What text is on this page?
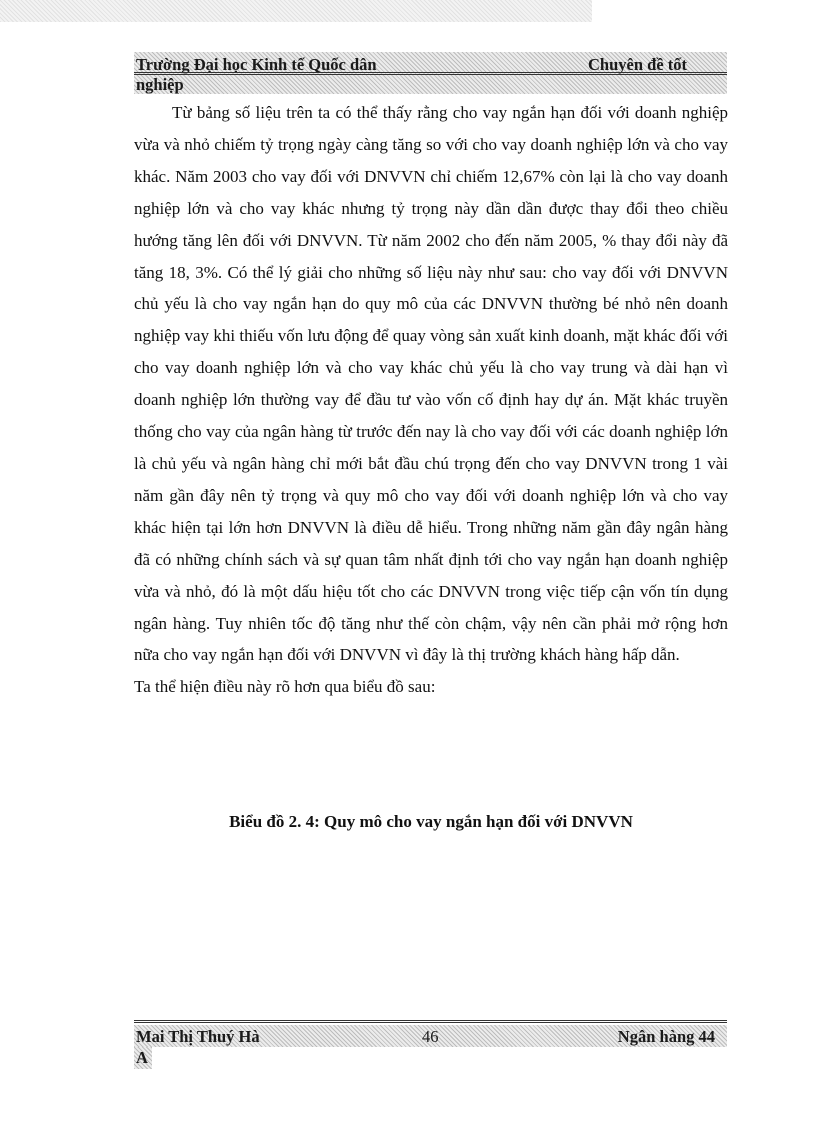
Trường Đại học Kinh tế Quốc dân	Chuyên đề tốt
nghiệp

Từ bảng số liệu trên ta có thể thấy rằng cho vay ngắn hạn đối với doanh nghiệp vừa và nhỏ chiếm tỷ trọng ngày càng tăng so với cho vay doanh nghiệp lớn và cho vay khác. Năm 2003 cho vay đối với DNVVN chỉ chiếm 12,67% còn lại là cho vay doanh nghiệp lớn và cho vay khác nhưng tỷ trọng này dần dần được thay đổi theo chiều hướng tăng lên đối với DNVVN. Từ năm 2002 cho đến năm 2005, % thay đổi này đã tăng 18, 3%. Có thể lý giải cho những số liệu này như sau: cho vay đối với DNVVN chủ yếu là cho vay ngắn hạn do quy mô của các DNVVN thường bé nhỏ nên doanh nghiệp vay khi thiếu vốn lưu động để quay vòng sản xuất kinh doanh, mặt khác đối với cho vay doanh nghiệp lớn và cho vay khác chủ yếu là cho vay trung và dài hạn vì doanh nghiệp lớn thường vay để đầu tư vào vốn cố định hay dự án. Mặt khác truyền thống cho vay của ngân hàng từ trước đến nay là cho vay đối với các doanh nghiệp lớn là chủ yếu và ngân hàng chỉ mới bắt đầu chú trọng đến cho vay DNVVN trong 1 vài năm gần đây nên tỷ trọng và quy mô cho vay đối với doanh nghiệp lớn và cho vay khác hiện tại lớn hơn DNVVN là điều dễ hiểu. Trong những năm gần đây ngân hàng đã có những chính sách và sự quan tâm nhất định tới cho vay ngắn hạn doanh nghiệp vừa và nhỏ, đó là một dấu hiệu tốt cho các DNVVN trong việc tiếp cận vốn tín dụng ngân hàng. Tuy nhiên tốc độ tăng như thế còn chậm, vậy nên cần phải mở rộng hơn nữa cho vay ngắn hạn đối với DNVVN vì đây là thị trường khách hàng hấp dẫn.

Ta thể hiện điều này rõ hơn qua biểu đồ sau:

Biểu đồ 2. 4: Quy mô cho vay ngắn hạn đối với DNVVN
Mai Thị Thuý Hà	46	Ngân hàng 44
A
